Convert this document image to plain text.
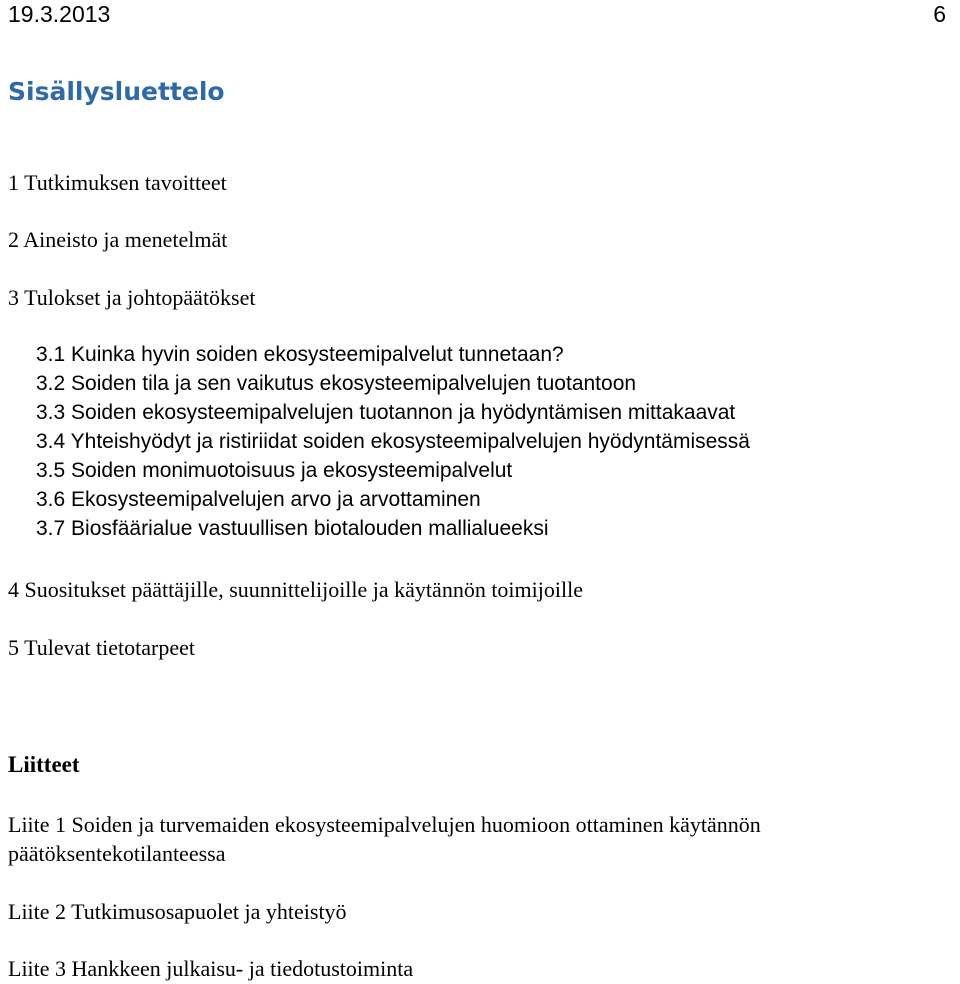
19.3.2013	6
Sisällysluettelo
1 Tutkimuksen tavoitteet
2 Aineisto ja menetelmät
3 Tulokset ja johtopäätökset
3.1 Kuinka hyvin soiden ekosysteemipalvelut tunnetaan?
3.2 Soiden tila ja sen vaikutus ekosysteemipalvelujen tuotantoon
3.3 Soiden ekosysteemipalvelujen tuotannon ja hyödyntämisen mittakaavat
3.4 Yhteishyödyt ja ristiriidat soiden ekosysteemipalvelujen hyödyntämisessä
3.5 Soiden monimuotoisuus ja ekosysteemipalvelut
3.6 Ekosysteemipalvelujen arvo ja arvottaminen
3.7 Biosfäärialue vastuullisen biotalouden mallialueeksi
4 Suositukset päättäjille, suunnittelijoille ja käytännön toimijoille
5 Tulevat tietotarpeet
Liitteet
Liite 1 Soiden ja turvemaiden ekosysteemipalvelujen huomioon ottaminen käytännön päätöksentekotilanteessa
Liite 2 Tutkimusosapuolet ja yhteistyö
Liite 3 Hankkeen julkaisu- ja tiedotustoiminta
